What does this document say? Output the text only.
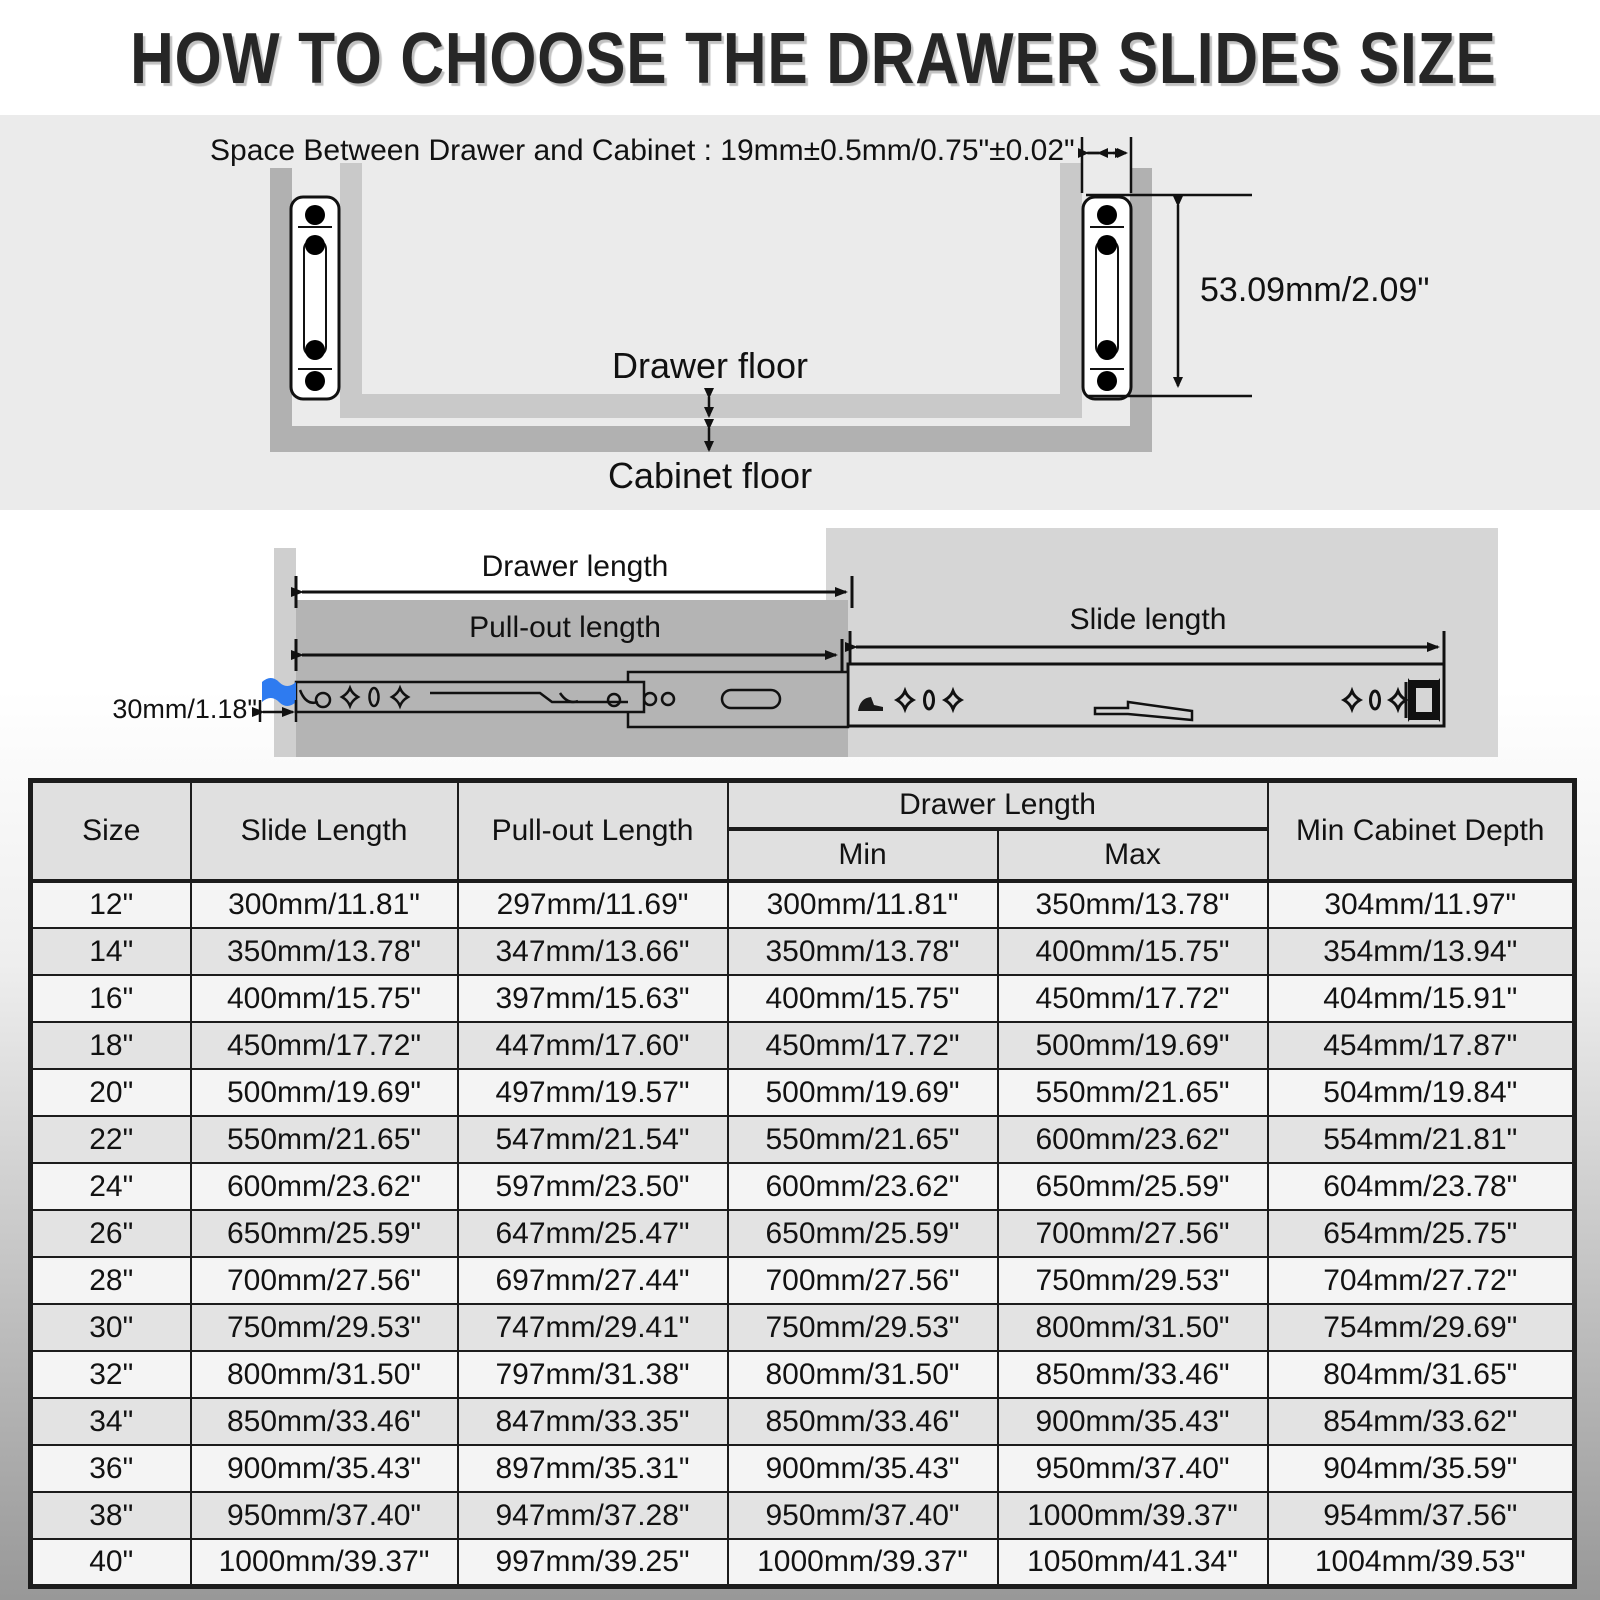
HOW TO CHOOSE THE DRAWER SLIDES SIZE
Space Between Drawer and Cabinet : 19mm±0.5mm/0.75"±0.02"
53.09mm/2.09"
Drawer floor
Cabinet floor
Drawer length
Pull-out length	Slide length
30mm/1.18"
Size	Slide Length	Pull-out Length	Drawer Length		Min Cabinet Depth
			Min	Max	
12"	300mm/11.81"	297mm/11.69"	300mm/11.81"	350mm/13.78"	304mm/11.97"
14"	350mm/13.78"	347mm/13.66"	350mm/13.78"	400mm/15.75"	354mm/13.94"
16"	400mm/15.75"	397mm/15.63"	400mm/15.75"	450mm/17.72"	404mm/15.91"
18"	450mm/17.72"	447mm/17.60"	450mm/17.72"	500mm/19.69"	454mm/17.87"
20"	500mm/19.69"	497mm/19.57"	500mm/19.69"	550mm/21.65"	504mm/19.84"
22"	550mm/21.65"	547mm/21.54"	550mm/21.65"	600mm/23.62"	554mm/21.81"
24"	600mm/23.62"	597mm/23.50"	600mm/23.62"	650mm/25.59"	604mm/23.78"
26"	650mm/25.59"	647mm/25.47"	650mm/25.59"	700mm/27.56"	654mm/25.75"
28"	700mm/27.56"	697mm/27.44"	700mm/27.56"	750mm/29.53"	704mm/27.72"
30"	750mm/29.53"	747mm/29.41"	750mm/29.53"	800mm/31.50"	754mm/29.69"
32"	800mm/31.50"	797mm/31.38"	800mm/31.50"	850mm/33.46"	804mm/31.65"
34"	850mm/33.46"	847mm/33.35"	850mm/33.46"	900mm/35.43"	854mm/33.62"
36"	900mm/35.43"	897mm/35.31"	900mm/35.43"	950mm/37.40"	904mm/35.59"
38"	950mm/37.40"	947mm/37.28"	950mm/37.40"	1000mm/39.37"	954mm/37.56"
40"	1000mm/39.37"	997mm/39.25"	1000mm/39.37"	1050mm/41.34"	1004mm/39.53"
